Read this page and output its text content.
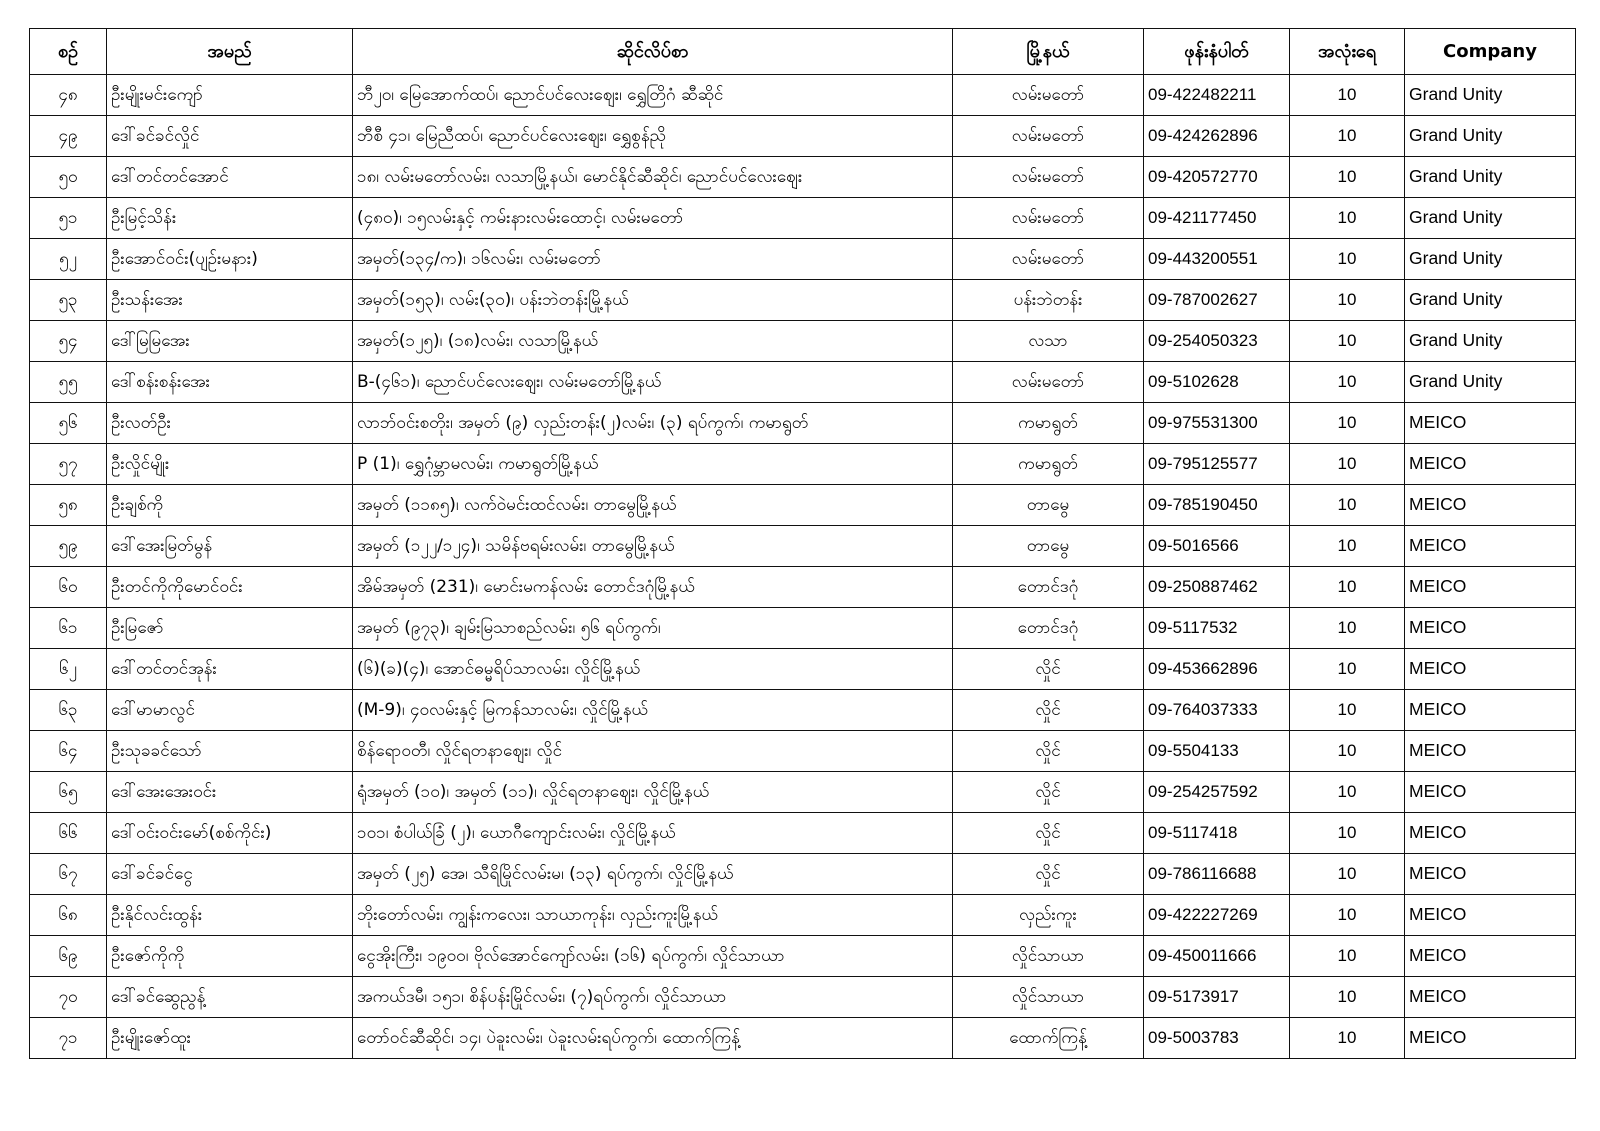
စဥ်	အမည်	ဆိုင်လိပ်စာ	မြို့နယ်	ဖုန်းနံပါတ်	အလုံးရေ	Company
၄၈	ဦးမျိုးမင်းကျော်	ဘီ၂၀၊ မြေအောက်ထပ်၊ ညောင်ပင်လေးဈေး၊ ရွှေတြိဂံ ဆီဆိုင်	လမ်းမတော်	09-422482211	10	Grand Unity
၄၉	ဒေါ်ခင်ခင်လှိုင်	ဘီစီ ၄၁၊ မြေညီထပ်၊ ညောင်ပင်လေးဈေး၊ ရွှေစွန်ညို	လမ်းမတော်	09-424262896	10	Grand Unity
၅၀	ဒေါ်တင်တင်အောင်	၁၈၊ လမ်းမတော်လမ်း၊ လသာမြို့နယ်၊ မောင်နိုင်ဆီဆိုင်၊ ညောင်ပင်လေးဈေး	လမ်းမတော်	09-420572770	10	Grand Unity
၅၁	ဦးမြင့်သိန်း	(၄၈၀)၊ ၁၅လမ်းနှင့် ကမ်းနားလမ်းထောင့်၊ လမ်းမတော်	လမ်းမတော်	09-421177450	10	Grand Unity
၅၂	ဦးအောင်ဝင်း(ပျဉ်းမနား)	အမှတ်(၁၃၄/က)၊ ၁၆လမ်း၊ လမ်းမတော်	လမ်းမတော်	09-443200551	10	Grand Unity
၅၃	ဦးသန်းအေး	အမှတ်(၁၅၃)၊ လမ်း(၃၀)၊ ပန်းဘဲတန်းမြို့နယ်	ပန်းဘဲတန်း	09-787002627	10	Grand Unity
၅၄	ဒေါ်မြမြအေး	အမှတ်(၁၂၅)၊ (၁၈)လမ်း၊ လသာမြို့နယ်	လသာ	09-254050323	10	Grand Unity
၅၅	ဒေါ်စန်းစန်းအေး	B-(၄၆၁)၊ ညောင်ပင်လေးဈေး၊ လမ်းမတော်မြို့နယ်	လမ်းမတော်	09-5102628	10	Grand Unity
၅၆	ဦးလတ်ဦး	လာဘ်ဝင်းစတိုး၊ အမှတ် (၉) လှည်းတန်း(၂)လမ်း၊ (၃) ရပ်ကွက်၊ ကမာရွတ်	ကမာရွတ်	09-975531300	10	MEICO
၅၇	ဦးလှိုင်မျိုး	P (1)၊ ရွှေဂုံမ္ဘာမလမ်း၊ ကမာရွတ်မြို့နယ်	ကမာရွတ်	09-795125577	10	MEICO
၅၈	ဦးချစ်ကို	အမှတ် (၁၁၈၅)၊ လက်ဝဲမင်းထင်လမ်း၊ တာမွေမြို့နယ်	တာမွေ	09-785190450	10	MEICO
၅၉	ဒေါ်အေးမြတ်မွန်	အမှတ် (၁၂၂/၁၂၄)၊ သမိန်ဗရမ်းလမ်း၊ တာမွေမြို့နယ်	တာမွေ	09-5016566	10	MEICO
၆၀	ဦးတင်ကိုကိုမောင်ဝင်း	အိမ်အမှတ် (231)၊ မောင်းမကန်လမ်း တောင်ဒဂုံမြို့နယ်	တောင်ဒဂုံ	09-250887462	10	MEICO
၆၁	ဦးမြဇော်	အမှတ် (၉၇၃)၊ ချမ်းမြသာစည်လမ်း၊ ၅၆ ရပ်ကွက်၊	တောင်ဒဂုံ	09-5117532	10	MEICO
၆၂	ဒေါ်တင်တင်အုန်း	(၆)(ခ)(၄)၊ အောင်ဓမ္မရိပ်သာလမ်း၊ လှိုင်မြို့နယ်	လှိုင်	09-453662896	10	MEICO
၆၃	ဒေါ်မာမာလွင်	(M-9)၊ ၄၀လမ်းနှင့် မြကန်သာလမ်း၊ လှိုင်မြို့နယ်	လှိုင်	09-764037333	10	MEICO
၆၄	ဦးသုခခင်သော်	စိန်ရော၀တီ၊ လှိုင်ရတနာဈေး၊ လှိုင်	လှိုင်	09-5504133	10	MEICO
၆၅	ဒေါ်အေးအေးဝင်း	ရုံအမှတ် (၁၀)၊ အမှတ် (၁၁)၊ လှိုင်ရတနာဈေး၊ လှိုင်မြို့နယ်	လှိုင်	09-254257592	10	MEICO
၆၆	ဒေါ်ဝင်းဝင်းမော်(စစ်ကိုင်း)	၁၀၁၊ စံပါယ်ခြံ (၂)၊ ယောဂီကျောင်းလမ်း၊ လှိုင်မြို့နယ်	လှိုင်	09-5117418	10	MEICO
၆၇	ဒေါ်ခင်ခင်ငွေ	အမှတ် (၂၅) အေ၊ သီရိမြိုင်လမ်းမ၊ (၁၃) ရပ်ကွက်၊ လှိုင်မြို့နယ်	လှိုင်	09-786116688	10	MEICO
၆၈	ဦးနိုင်လင်းထွန်း	ဘိုးတော်လမ်း၊ ကျွန်းကလေး၊ သာယာကုန်း၊ လှည်းကူးမြို့နယ်	လှည်းကူး	09-422227269	10	MEICO
၆၉	ဦးဇော်ကိုကို	ငွေအိုးကြီး၊ ၁၉၀၀၊ ဗိုလ်အောင်ကျော်လမ်း၊ (၁၆) ရပ်ကွက်၊ လှိုင်သာယာ	လှိုင်သာယာ	09-450011666	10	MEICO
၇၀	ဒေါ်ခင်ဆွေညွန့်	အကယ်ဒမီ၊ ၁၅၁၊ စိန်ပန်းမြိုင်လမ်း၊ (၇)ရပ်ကွက်၊ လှိုင်သာယာ	လှိုင်သာယာ	09-5173917	10	MEICO
၇၁	ဦးမျိုးဇော်ထူး	တော်ဝင်ဆီဆိုင်၊ ၁၄၊ ပဲခူးလမ်း၊ ပဲခူးလမ်းရပ်ကွက်၊ ထောက်ကြန့်	ထောက်ကြန့်	09-5003783	10	MEICO
